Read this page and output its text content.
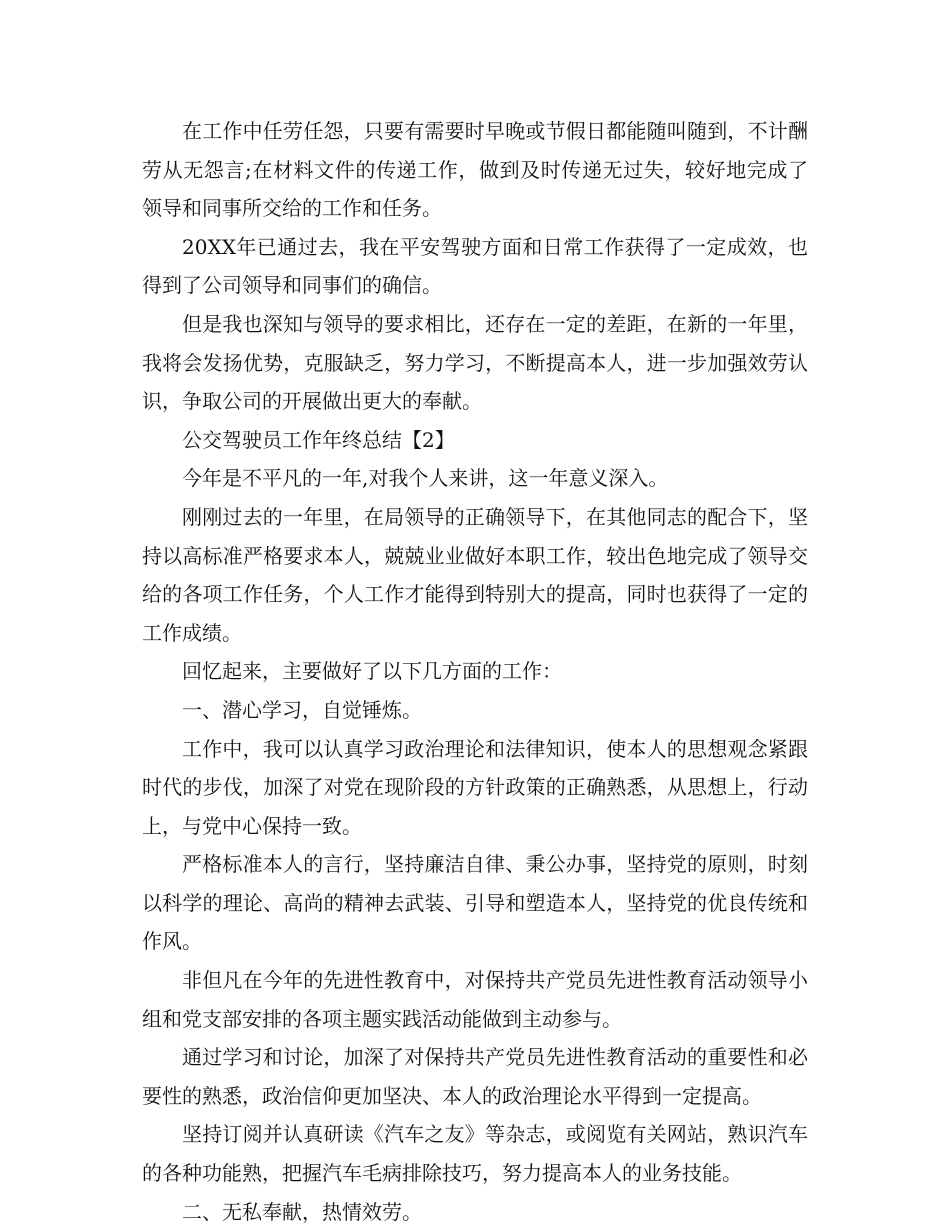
在工作中任劳任怨，只要有需要时早晚或节假日都能随叫随到，不计酬劳从无怨言;在材料文件的传递工作，做到及时传递无过失，较好地完成了领导和同事所交给的工作和任务。

20XX年已通过去，我在平安驾驶方面和日常工作获得了一定成效，也得到了公司领导和同事们的确信。

但是我也深知与领导的要求相比，还存在一定的差距，在新的一年里，我将会发扬优势，克服缺乏，努力学习，不断提高本人，进一步加强效劳认识，争取公司的开展做出更大的奉献。

公交驾驶员工作年终总结【2】

今年是不平凡的一年,对我个人来讲，这一年意义深入。

刚刚过去的一年里，在局领导的正确领导下，在其他同志的配合下，坚持以高标准严格要求本人，兢兢业业做好本职工作，较出色地完成了领导交给的各项工作任务，个人工作才能得到特别大的提高，同时也获得了一定的工作成绩。

回忆起来，主要做好了以下几方面的工作：

一、潜心学习，自觉锤炼。

工作中，我可以认真学习政治理论和法律知识，使本人的思想观念紧跟时代的步伐，加深了对党在现阶段的方针政策的正确熟悉，从思想上，行动上，与党中心保持一致。

严格标准本人的言行，坚持廉洁自律、秉公办事，坚持党的原则，时刻以科学的理论、高尚的精神去武装、引导和塑造本人，坚持党的优良传统和作风。

非但凡在今年的先进性教育中，对保持共产党员先进性教育活动领导小组和党支部安排的各项主题实践活动能做到主动参与。

通过学习和讨论，加深了对保持共产党员先进性教育活动的重要性和必要性的熟悉，政治信仰更加坚决、本人的政治理论水平得到一定提高。

坚持订阅并认真研读《汽车之友》等杂志，或阅览有关网站，熟识汽车的各种功能熟，把握汽车毛病排除技巧，努力提高本人的业务技能。

二、无私奉献，热情效劳。
